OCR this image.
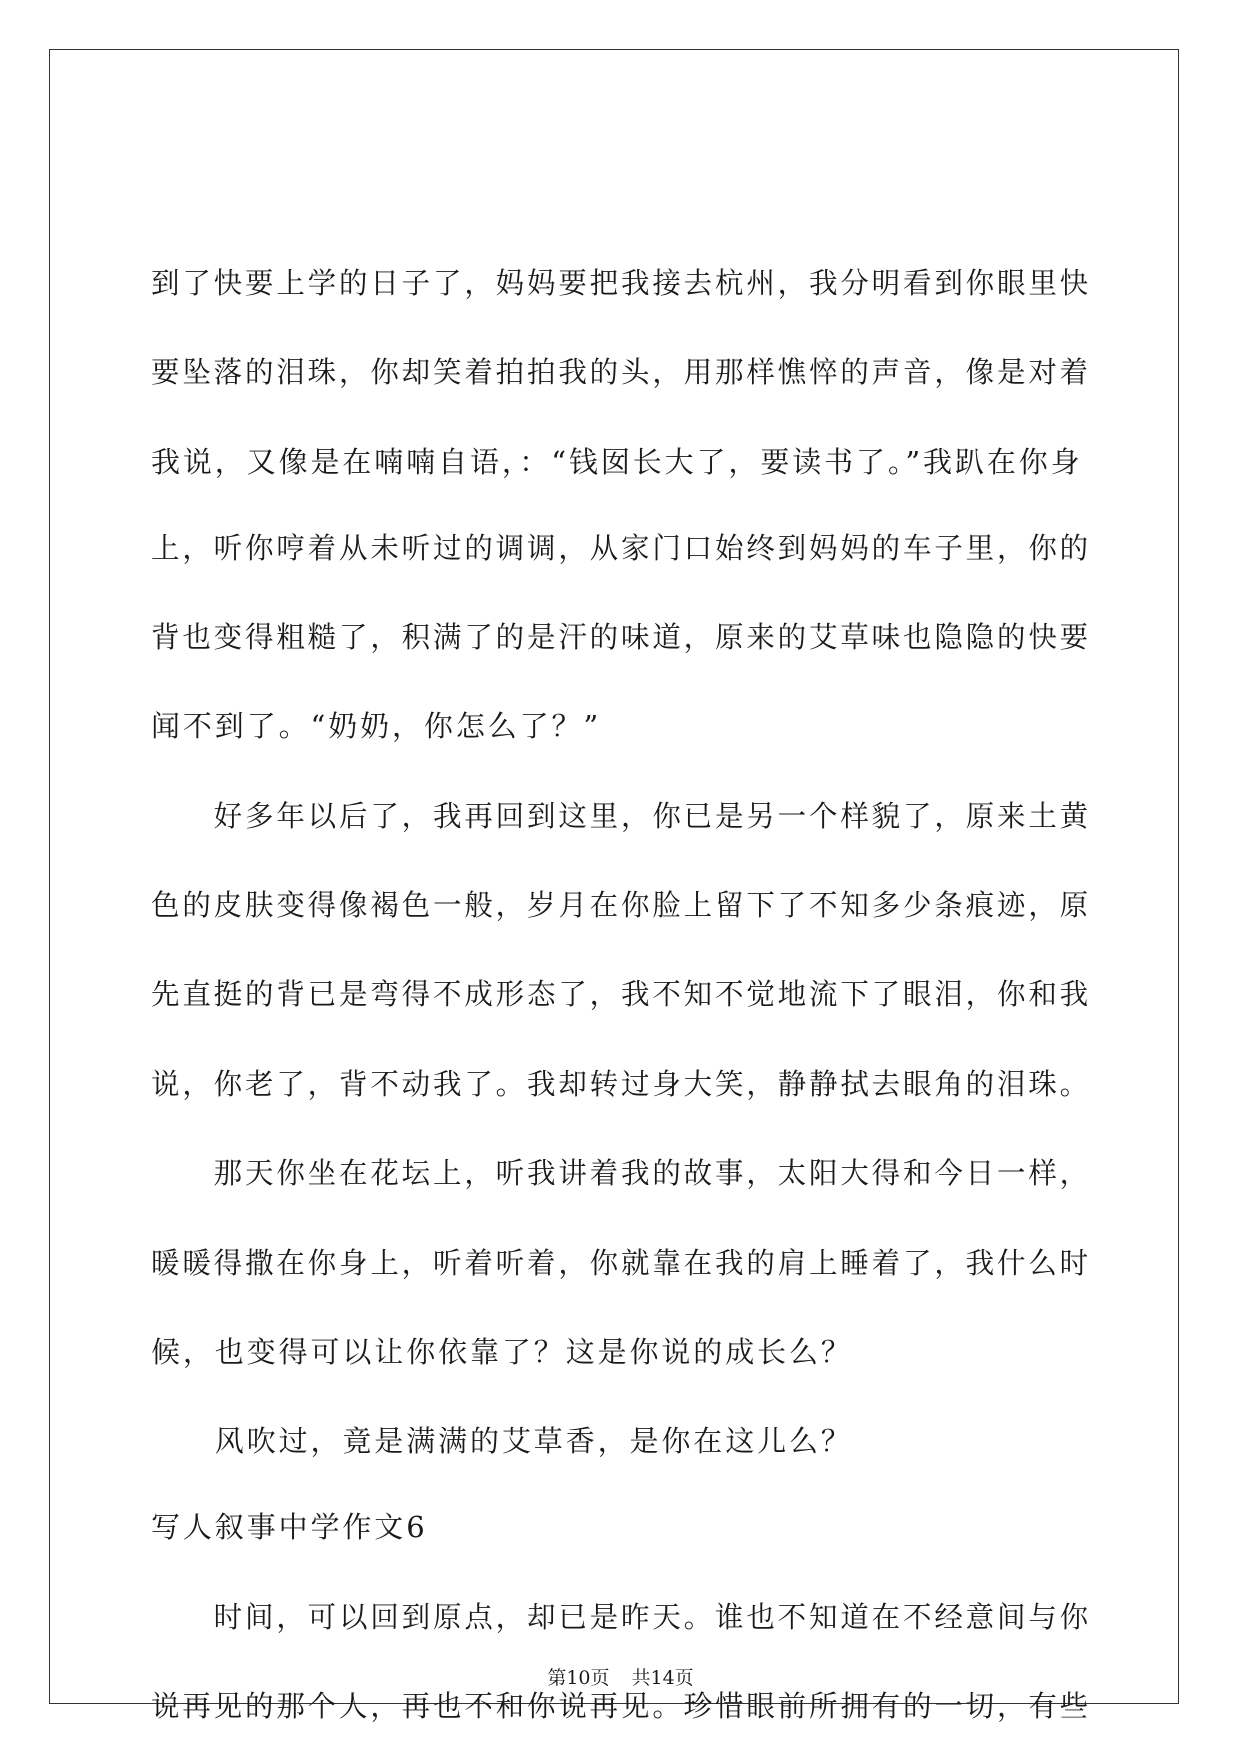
到了快要上学的日子了，妈妈要把我接去杭州，我分明看到你眼里快
要坠落的泪珠，你却笑着拍拍我的头，用那样憔悴的声音，像是对着
我说，又像是在喃喃自语，：“钱囡长大了，要读书了。”我趴在你身
上，听你哼着从未听过的调调，从家门口始终到妈妈的车子里，你的
背也变得粗糙了，积满了的是汗的味道，原来的艾草味也隐隐的快要
闻不到了。“奶奶，你怎么了？”
　　好多年以后了，我再回到这里，你已是另一个样貌了，原来土黄
色的皮肤变得像褐色一般，岁月在你脸上留下了不知多少条痕迹，原
先直挺的背已是弯得不成形态了，我不知不觉地流下了眼泪，你和我
说，你老了，背不动我了。我却转过身大笑，静静拭去眼角的泪珠。
　　那天你坐在花坛上，听我讲着我的故事，太阳大得和今日一样，
暖暖得撒在你身上，听着听着，你就靠在我的肩上睡着了，我什么时
候，也变得可以让你依靠了？这是你说的成长么？
　　风吹过，竟是满满的艾草香，是你在这儿么？
写人叙事中学作文6
　　时间，可以回到原点，却已是昨天。谁也不知道在不经意间与你
说再见的那个人，再也不和你说再见。珍惜眼前所拥有的一切，有些
第10页 共14页
